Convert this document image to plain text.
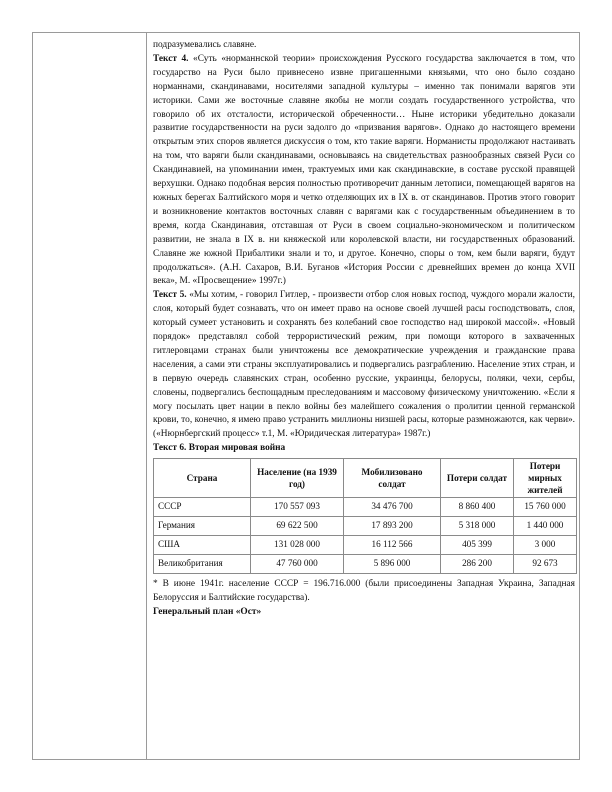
подразумевались славяне.

Текст 4. «Суть «норманнской теории» происхождения Русского государства заключается в том, что государство на Руси было привнесено извне пригашенными князьями, что оно было создано норманнами, скандинавами, носителями западной культуры – именно так понимали варягов эти историки. Сами же восточные славяне якобы не могли создать государственного устройства, что говорило об их отсталости, исторической обреченности… Ныне историки убедительно доказали развитие государственности на руси задолго до «призвания варягов». Однако до настоящего времени открытым этих споров является дискуссия о том, кто такие варяги. Норманисты продолжают настаивать на том, что варяги были скандинавами, основываясь на свидетельствах разнообразных связей Руси со Скандинавией, на упоминании имен, трактуемых ими как скандинавские, в составе русской правящей верхушки. Однако подобная версия полностью противоречит данным летописи, помещающей варягов на южных берегах Балтийского моря и четко отделяющих их в IX в. от скандинавов. Против этого говорит и возникновение контактов восточных славян с варягами как с государственным объединением в то время, когда Скандинавия, отставшая от Руси в своем социально-экономическом и политическом развитии, не знала в IX в. ни княжеской или королевской власти, ни государственных образований. Славяне же южной Прибалтики знали и то, и другое. Конечно, споры о том, кем были варяги, будут продолжаться». (А.Н. Сахаров, В.И. Буганов «История России с древнейших времен до конца XVII века», М. «Просвещение» 1997г.)

Текст 5. «Мы хотим, - говорил Гитлер, - произвести отбор слоя новых господ, чуждого морали жалости, слоя, который будет сознавать, что он имеет право на основе своей лучшей расы господствовать, слоя, который сумеет установить и сохранять без колебаний свое господство над широкой массой». «Новый порядок» представлял собой террористический режим, при помощи которого в захваченных гитлеровцами странах были уничтожены все демократические учреждения и гражданские права населения, а сами эти страны эксплуатировались и подвергались разграблению. Население этих стран, и в первую очередь славянских стран, особенно русские, украинцы, белорусы, поляки, чехи, сербы, словены, подвергались беспощадным преследованиям и массовому физическому уничтожению. «Если я могу посылать цвет нации в пекло войны без малейшего сожаления о пролитии ценной германской крови, то, конечно, я имею право устранить миллионы низшей расы, которые размножаются, как черви». («Нюрнбергский процесс» т.1, М. «Юридическая литература» 1987г.)

Текст 6. Вторая мировая война

Страна	Население (на 1939 год)	Мобилизовано солдат	Потери солдат	Потери мирных жителей
СССР	170 557 093	34 476 700	8 860 400	15 760 000
Германия	69 622 500	17 893 200	5 318 000	1 440 000
США	131 028 000	16 112 566	405 399	3 000
Великобритания	47 760 000	5 896 000	286 200	92 673

* В июне 1941г. население СССР = 196.716.000 (были присоединены Западная Украина, Западная Белоруссия и Балтийские государства).

Генеральный план «Ост»
